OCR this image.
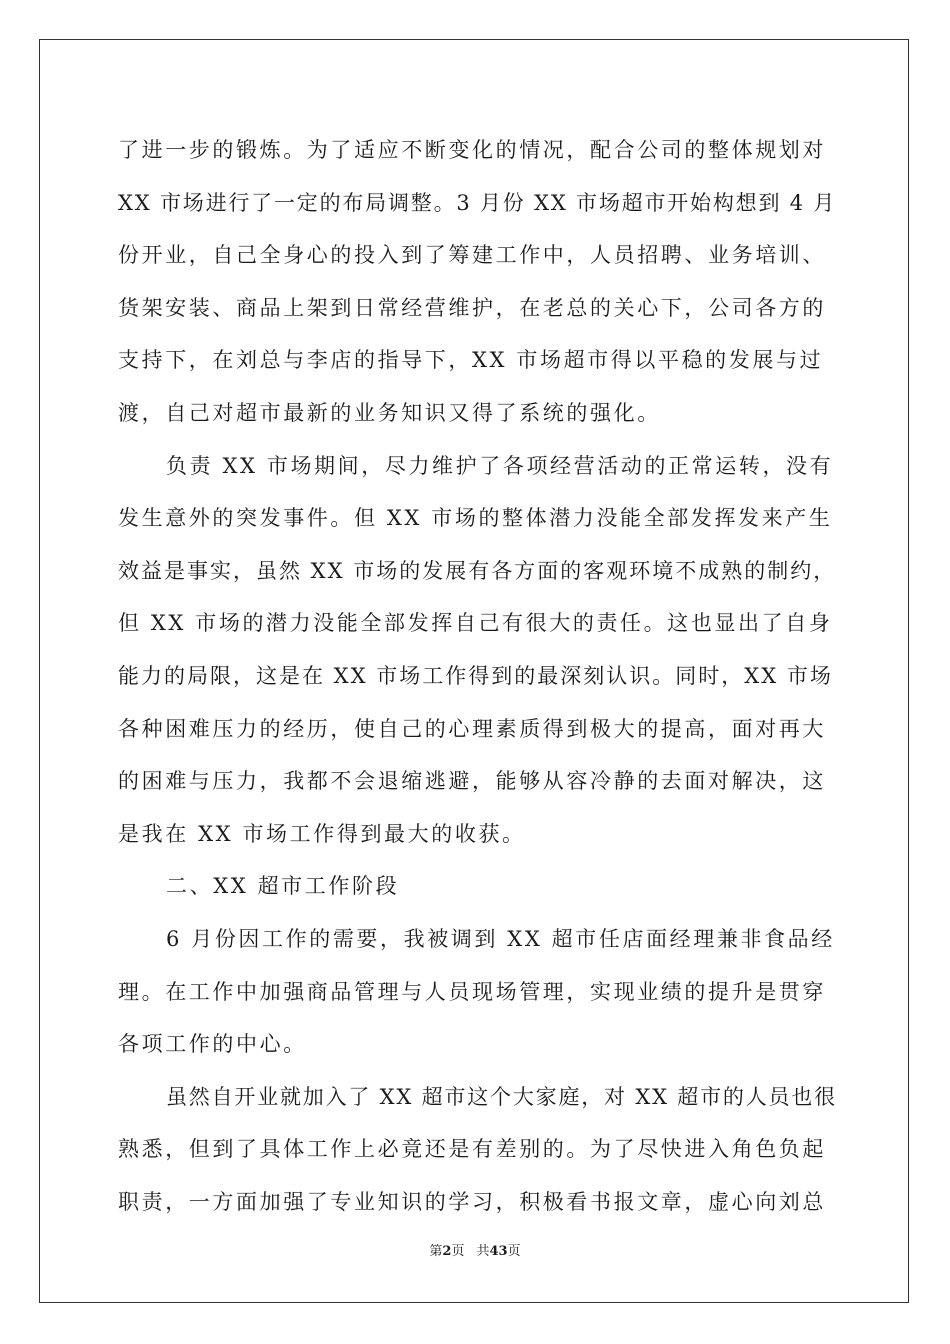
了进一步的锻炼。为了适应不断变化的情况，配合公司的整体规划对
XX 市场进行了一定的布局调整。3 月份 XX 市场超市开始构想到 4 月
份开业，自己全身心的投入到了筹建工作中，人员招聘、业务培训、
货架安装、商品上架到日常经营维护，在老总的关心下，公司各方的
支持下，在刘总与李店的指导下，XX 市场超市得以平稳的发展与过
渡，自己对超市最新的业务知识又得了系统的强化。
负责 XX 市场期间，尽力维护了各项经营活动的正常运转，没有
发生意外的突发事件。但 XX 市场的整体潜力没能全部发挥发来产生
效益是事实，虽然 XX 市场的发展有各方面的客观环境不成熟的制约，
但 XX 市场的潜力没能全部发挥自己有很大的责任。这也显出了自身
能力的局限，这是在 XX 市场工作得到的最深刻认识。同时，XX 市场
各种困难压力的经历，使自己的心理素质得到极大的提高，面对再大
的困难与压力，我都不会退缩逃避，能够从容冷静的去面对解决，这
是我在 XX 市场工作得到最大的收获。
二、XX 超市工作阶段
6 月份因工作的需要，我被调到 XX 超市任店面经理兼非食品经
理。在工作中加强商品管理与人员现场管理，实现业绩的提升是贯穿
各项工作的中心。
虽然自开业就加入了 XX 超市这个大家庭，对 XX 超市的人员也很
熟悉，但到了具体工作上必竟还是有差别的。为了尽快进入角色负起
职责，一方面加强了专业知识的学习，积极看书报文章，虚心向刘总
第2页 共43页
